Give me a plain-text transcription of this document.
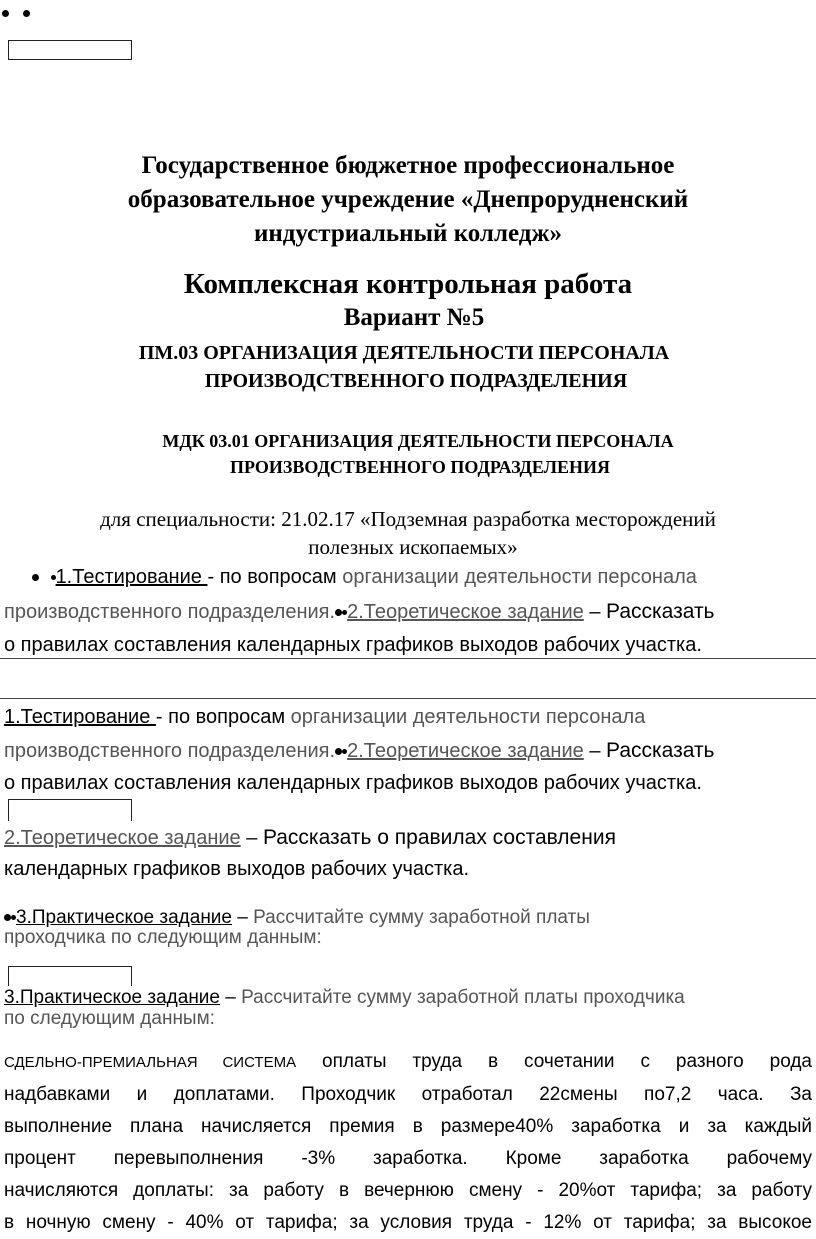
Государственное бюджетное профессиональное
образовательное учреждение «Днепрорудненский
индустриальный колледж»
Комплексная контрольная работа
Вариант №5
ПМ.03 ОРГАНИЗАЦИЯ ДЕЯТЕЛЬНОСТИ ПЕРСОНАЛА
ПРОИЗВОДСТВЕННОГО ПОДРАЗДЕЛЕНИЯ
МДК 03.01 ОРГАНИЗАЦИЯ ДЕЯТЕЛЬНОСТИ ПЕРСОНАЛА
ПРОИЗВОДСТВЕННОГО ПОДРАЗДЕЛЕНИЯ
для специальности: 21.02.17 «Подземная разработка месторождений
полезных ископаемых»
1.Тестирование - по вопросам организации деятельности персонала
производственного подразделения. 2.Теоретическое задание – Рассказать
о правилах составления календарных графиков выходов рабочих участка.
1.Тестирование - по вопросам организации деятельности персонала
производственного подразделения. 2.Теоретическое задание – Рассказать
о правилах составления календарных графиков выходов рабочих участка.
2.Теоретическое задание – Рассказать о правилах составления
календарных графиков выходов рабочих участка.
3.Практическое задание – Рассчитайте сумму заработной платы
проходчика по следующим данным:
3.Практическое задание – Рассчитайте сумму заработной платы проходчика
по следующим данным:
СДЕЛЬНО-ПРЕМИАЛЬНАЯ СИСТЕМА оплаты труда в сочетании с разного рода
надбавками и доплатами. Проходчик отработал 22смены по7,2 часа. За
выполнение плана начисляется премия в размере40% заработка и за каждый
процент перевыполнения -3% заработка. Кроме заработка рабочему
начисляются доплаты: за работу в вечернюю смену - 20%от тарифа; за работу
в ночную смену - 40% от тарифа; за условия труда - 12% от тарифа; за высокое
